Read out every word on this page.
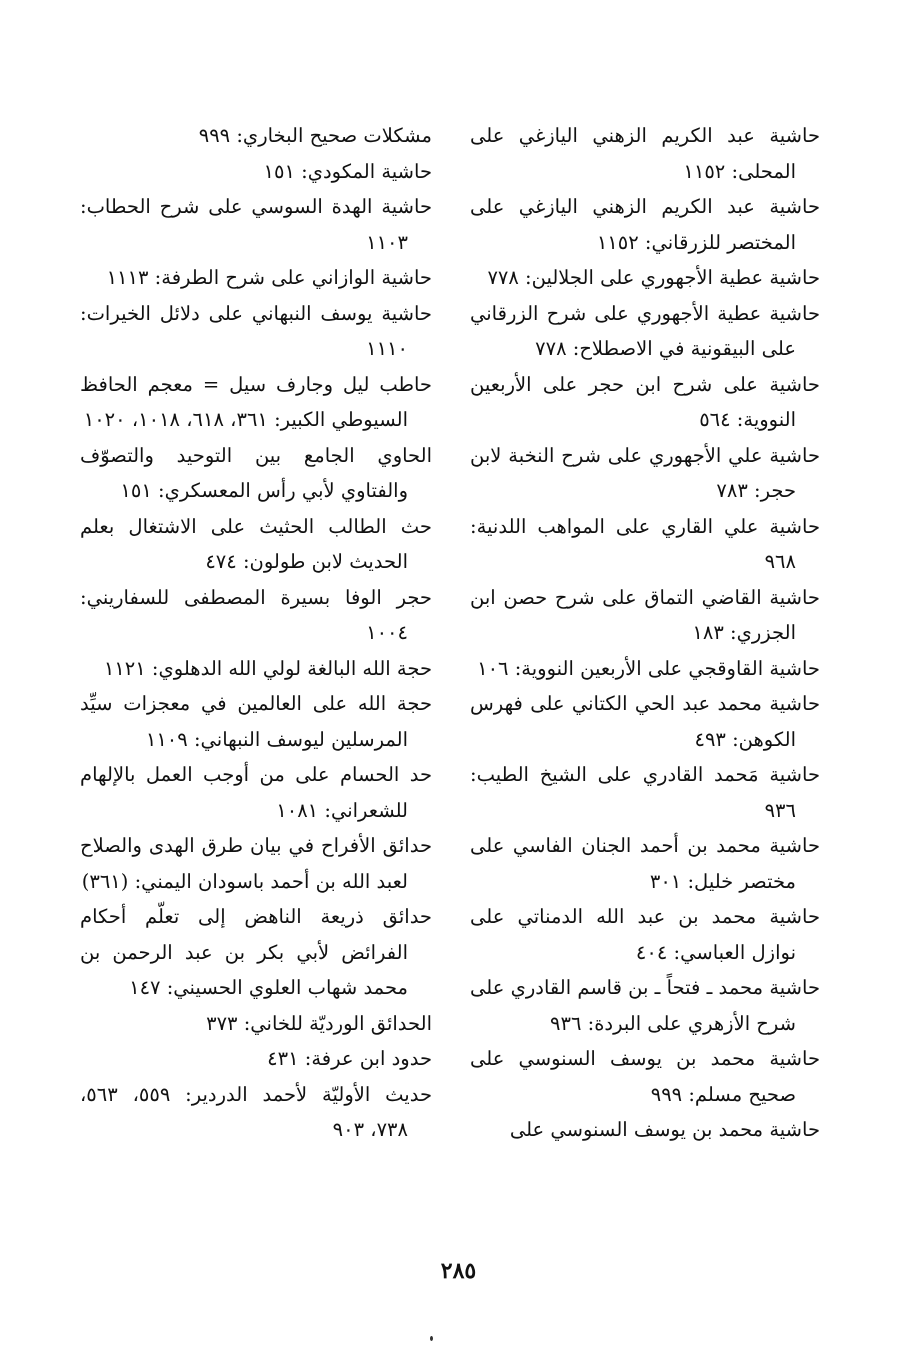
حاشية عبد الكريم الزهني اليازغي على المحلى: ١١٥٢

حاشية عبد الكريم الزهني اليازغي على المختصر للزرقاني: ١١٥٢

حاشية عطية الأجهوري على الجلالين: ٧٧٨

حاشية عطية الأجهوري على شرح الزرقاني على البيقونية في الاصطلاح: ٧٧٨

حاشية على شرح ابن حجر على الأربعين النووية: ٥٦٤

حاشية علي الأجهوري على شرح النخبة لابن حجر: ٧٨٣

حاشية علي القاري على المواهب اللدنية: ٩٦٨

حاشية القاضي التماق على شرح حصن ابن الجزري: ١٨٣

حاشية القاوقجي على الأربعين النووية: ١٠٦

حاشية محمد عبد الحي الكتاني على فهرس الكوهن: ٤٩٣

حاشية مَحمد القادري على الشيخ الطيب: ٩٣٦

حاشية محمد بن أحمد الجنان الفاسي على مختصر خليل: ٣٠١

حاشية محمد بن عبد الله الدمناتي على نوازل العباسي: ٤٠٤

حاشية محمد ـ فتحاً ـ بن قاسم القادري على شرح الأزهري على البردة: ٩٣٦

حاشية محمد بن يوسف السنوسي على صحيح مسلم: ٩٩٩

حاشية محمد بن يوسف السنوسي على

مشكلات صحيح البخاري: ٩٩٩

حاشية المكودي: ١٥١

حاشية الهدة السوسي على شرح الحطاب: ١١٠٣

حاشية الوازاني على شرح الطرفة: ١١١٣

حاشية يوسف النبهاني على دلائل الخيرات: ١١١٠

حاطب ليل وجارف سيل = معجم الحافظ السيوطي الكبير: ٣٦١، ٦١٨، ١٠١٨، ١٠٢٠

الحاوي الجامع بين التوحيد والتصوّف والفتاوي لأبي رأس المعسكري: ١٥١

حث الطالب الحثيث على الاشتغال بعلم الحديث لابن طولون: ٤٧٤

حجر الوفا بسيرة المصطفى للسفاريني: ١٠٠٤

حجة الله البالغة لولي الله الدهلوي: ١١٢١

حجة الله على العالمين في معجزات سيِّد المرسلين ليوسف النبهاني: ١١٠٩

حد الحسام على من أوجب العمل بالإلهام للشعراني: ١٠٨١

حدائق الأفراح في بيان طرق الهدى والصلاح لعبد الله بن أحمد باسودان اليمني: (٣٦١)

حدائق ذريعة الناهض إلى تعلّم أحكام الفرائض لأبي بكر بن عبد الرحمن بن محمد شهاب العلوي الحسيني: ١٤٧

الحدائق الورديّة للخاني: ٣٧٣

حدود ابن عرفة: ٤٣١

حديث الأوليّة لأحمد الدردير: ٥٥٩، ٥٦٣، ٧٣٨، ٩٠٣

٢٨٥
